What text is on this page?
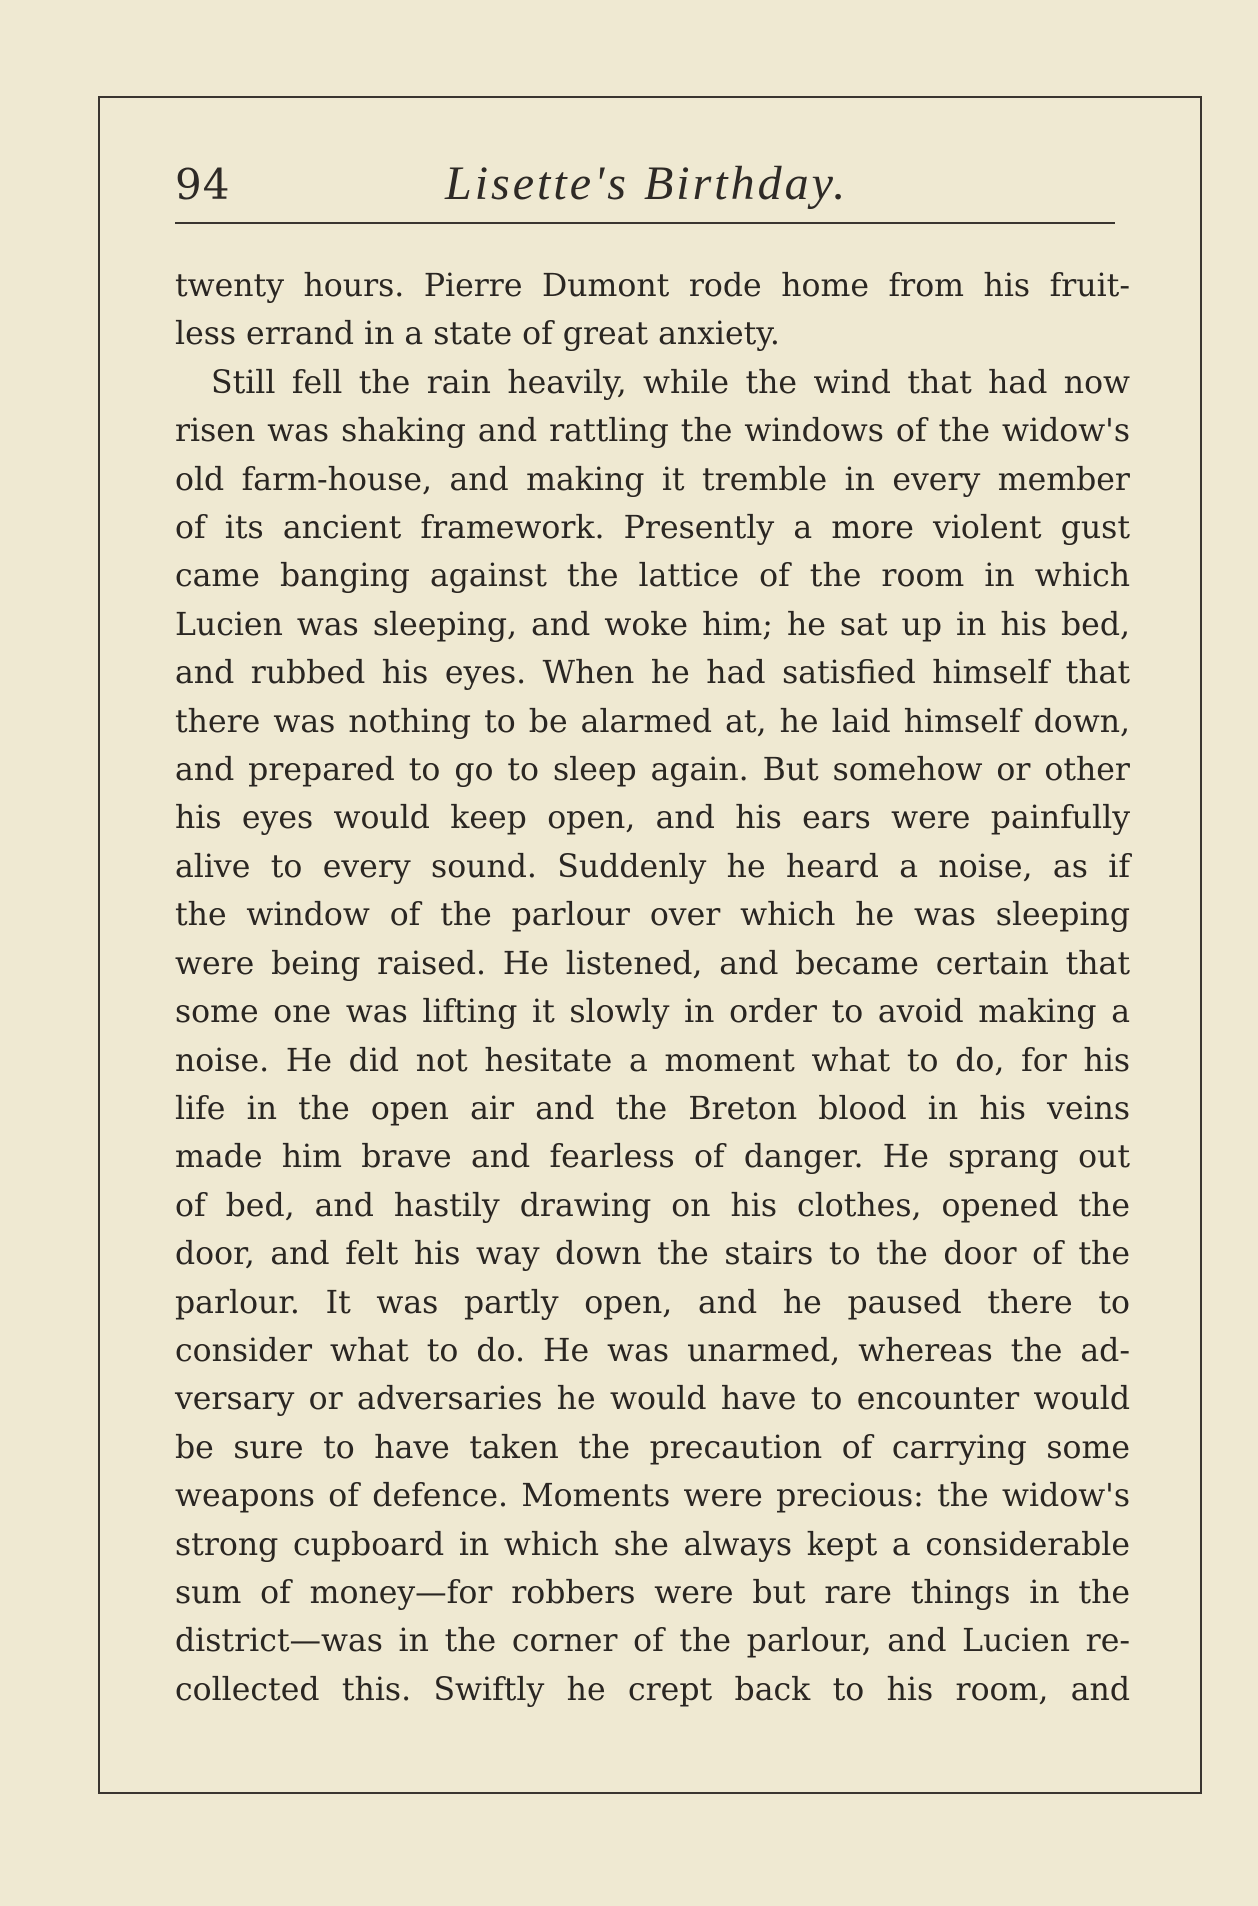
94	Lisette's Birthday.
twenty hours. Pierre Dumont rode home from his fruit-
less errand in a state of great anxiety.
Still fell the rain heavily, while the wind that had now
risen was shaking and rattling the windows of the widow's
old farm-house, and making it tremble in every member
of its ancient framework. Presently a more violent gust
came banging against the lattice of the room in which
Lucien was sleeping, and woke him; he sat up in his bed,
and rubbed his eyes. When he had satisfied himself that
there was nothing to be alarmed at, he laid himself down,
and prepared to go to sleep again. But somehow or other
his eyes would keep open, and his ears were painfully
alive to every sound. Suddenly he heard a noise, as if
the window of the parlour over which he was sleeping
were being raised. He listened, and became certain that
some one was lifting it slowly in order to avoid making a
noise. He did not hesitate a moment what to do, for his
life in the open air and the Breton blood in his veins
made him brave and fearless of danger. He sprang out
of bed, and hastily drawing on his clothes, opened the
door, and felt his way down the stairs to the door of the
parlour. It was partly open, and he paused there to
consider what to do. He was unarmed, whereas the ad-
versary or adversaries he would have to encounter would
be sure to have taken the precaution of carrying some
weapons of defence. Moments were precious: the widow's
strong cupboard in which she always kept a considerable
sum of money—for robbers were but rare things in the
district—was in the corner of the parlour, and Lucien re-
collected this. Swiftly he crept back to his room, and
